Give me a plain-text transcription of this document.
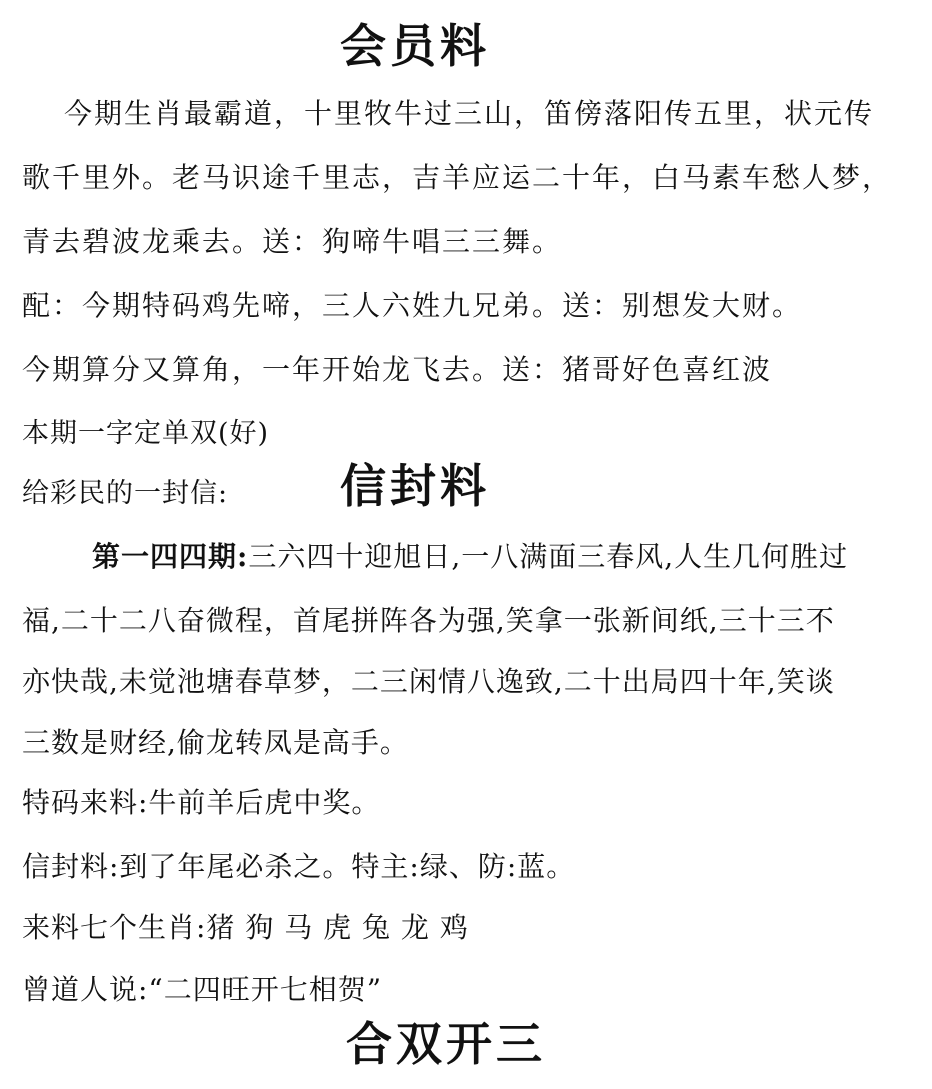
会员料
今期生肖最霸道，十里牧牛过三山，笛傍落阳传五里，状元传
歌千里外。老马识途千里志，吉羊应运二十年，白马素车愁人梦，
青去碧波龙乘去。送：狗啼牛唱三三舞。
配：今期特码鸡先啼，三人六姓九兄弟。送：别想发大财。
今期算分又算角，一年开始龙飞去。送：猪哥好色喜红波
本期一字定单双(好)
给彩民的一封信: 信封料
第一四四期:三六四十迎旭日,一八满面三春风,人生几何胜过
福,二十二八奋微程，首尾拼阵各为强,笑拿一张新间纸,三十三不
亦快哉,未觉池塘春草梦，二三闲情八逸致,二十出局四十年,笑谈
三数是财经,偷龙转凤是高手。
特码来料:牛前羊后虎中奖。
信封料:到了年尾必杀之。特主:绿、防:蓝。
来料七个生肖:猪 狗 马 虎 兔 龙 鸡
曾道人说:“二四旺开七相贺”
合双开三
